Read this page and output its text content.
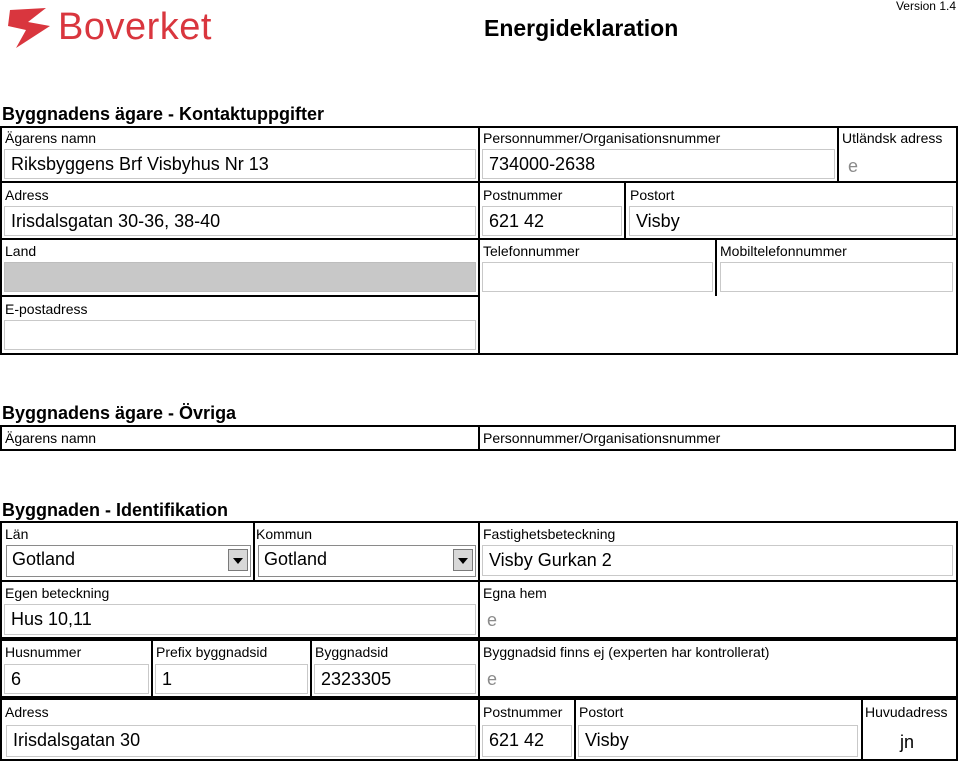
Boverket	Energideklaration
Version 1.4
Byggnadens ägare - Kontaktuppgifter
Ägarens namn
Riksbyggens Brf Visbyhus Nr 13
Personnummer/Organisationsnummer
734000-2638
Utländsk adress
e
Adress
Irisdalsgatan 30-36, 38-40
Postnummer
621 42
Postort
Visby
Land	Telefonnummer	Mobiltelefonnummer
E-postadress
Byggnadens ägare - Övriga
Ägarens namn	Personnummer/Organisationsnummer
Byggnaden - Identifikation
Län
Gotland
Kommun
Gotland
Fastighetsbeteckning
Visby Gurkan 2
Egen beteckning
Hus 10,11
Egna hem
e
Husnummer
6
Prefix byggnadsid
1
Byggnadsid
2323305
Byggnadsid finns ej (experten har kontrollerat)
e
Adress
Irisdalsgatan 30
Postnummer
621 42
Postort
Visby
Huvudadress
jn
